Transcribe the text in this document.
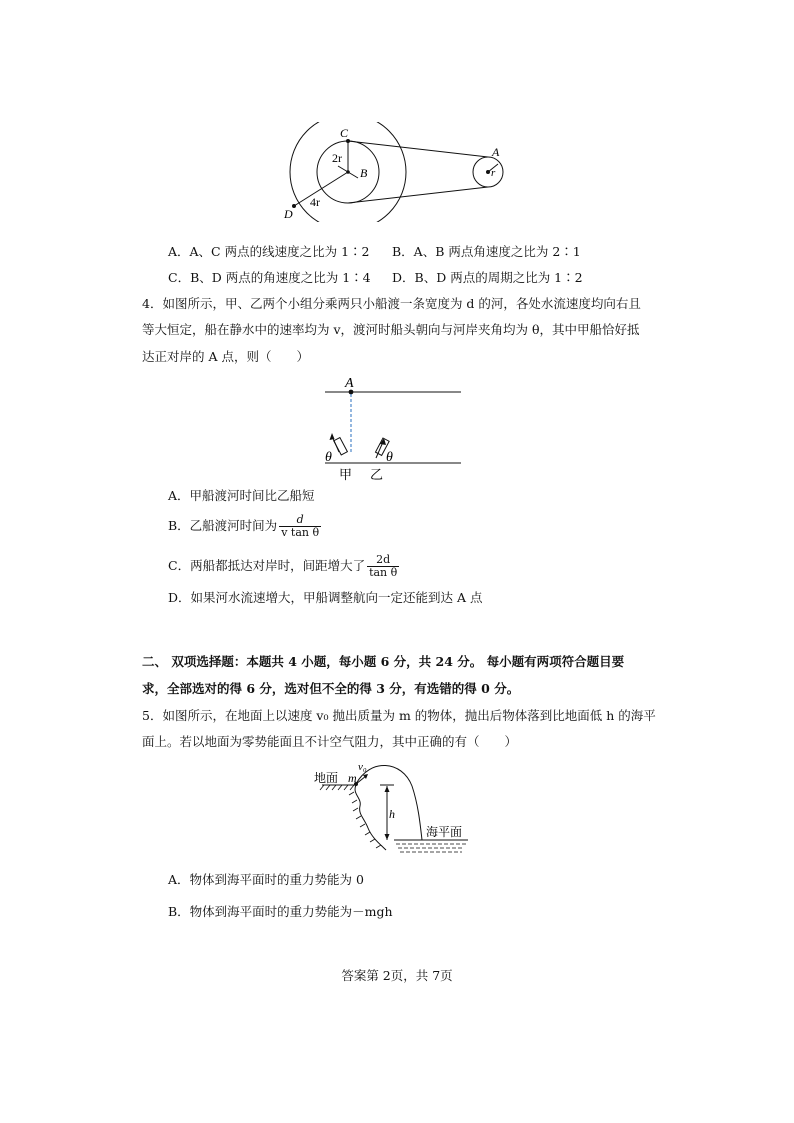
C
2r
B
D
4r
A
r
A．A、C 两点的线速度之比为 1∶2 B．A、B 两点角速度之比为 2∶1
C．B、D 两点的角速度之比为 1∶4 D．B、D 两点的周期之比为 1∶2
4．如图所示，甲、乙两个小组分乘两只小船渡一条宽度为 d 的河，各处水流速度均向右且
等大恒定，船在静水中的速率均为 v，渡河时船头朝向与河岸夹角均为 θ，其中甲船恰好抵
达正对岸的 A 点，则（　　）
A
θ	θ
甲 乙
A．甲船渡河时间比乙船短
B．乙船渡河时间为 $\frac{d}{\text{v tan θ}}$
C．两船都抵达对岸时，间距增大了 $\frac{2d}{\text{tan θ}}$
D．如果河水流速增大，甲船调整航向一定还能到达 A 点
二、 双项选择题：本题共 4 小题，每小题 6 分，共 24 分。 每小题有两项符合题目要
求，全部选对的得 6 分，选对但不全的得 3 分，有选错的得 0 分。
5．如图所示，在地面上以速度 v₀ 抛出质量为 m 的物体，抛出后物体落到比地面低 h 的海平
面上。若以地面为零势能面且不计空气阻力，其中正确的有（　　）
地面 m
v₀
h
海平面
A．物体到海平面时的重力势能为 0
B．物体到海平面时的重力势能为－mgh
答案第 2页，共 7页
